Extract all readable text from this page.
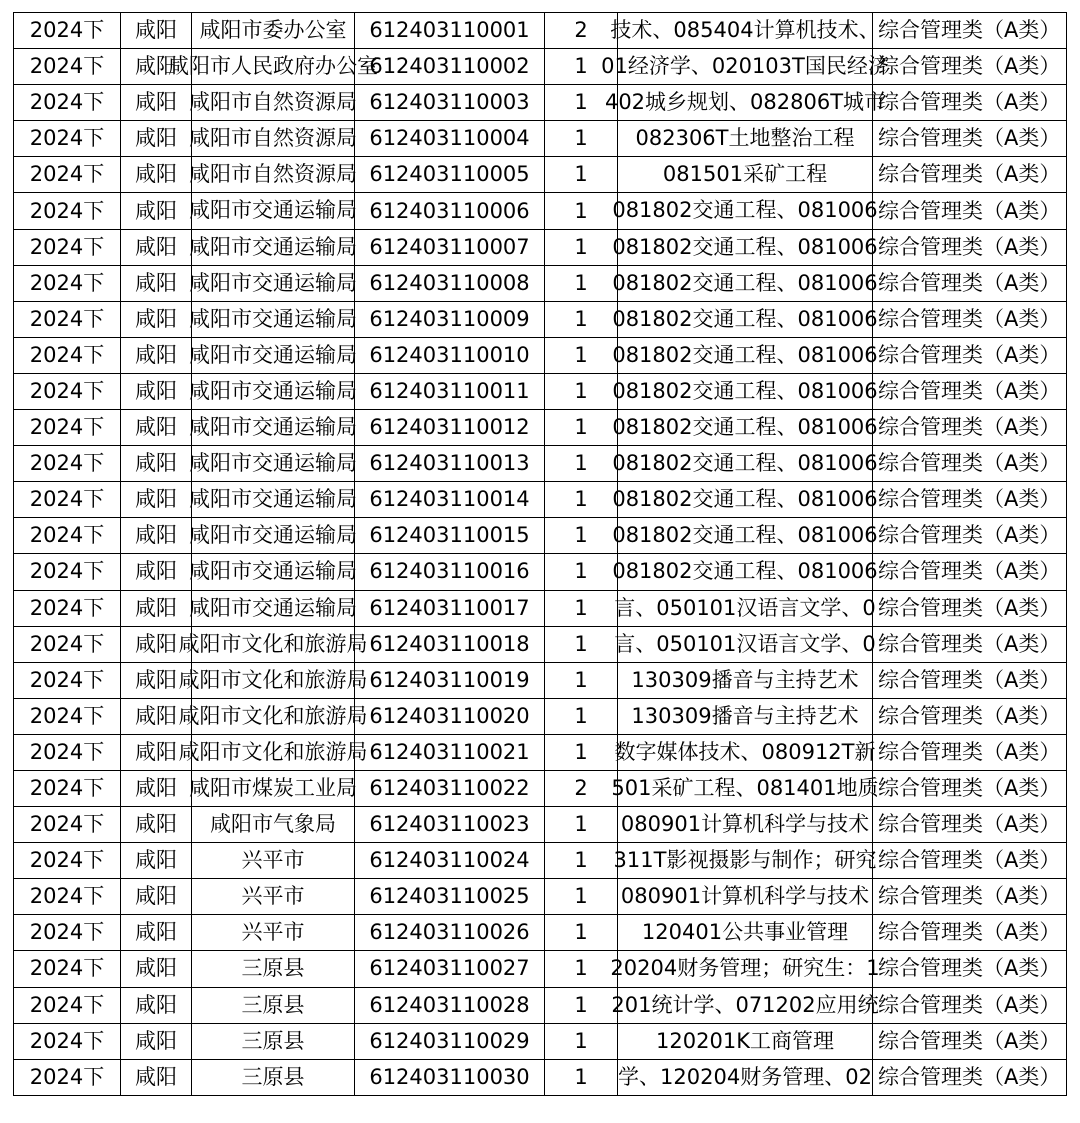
2024下	咸阳	咸阳市委办公室	612403110001	2	技术、085404计算机技术、	综合管理类（A类）

2024下	咸阳	咸阳市人民政府办公室	612403110002	1	01经济学、020103T国民经济	综合管理类（A类）

2024下	咸阳	咸阳市自然资源局	612403110003	1	402城乡规划、082806T城市	综合管理类（A类）

2024下	咸阳	咸阳市自然资源局	612403110004	1	082306T土地整治工程	综合管理类（A类）

2024下	咸阳	咸阳市自然资源局	612403110005	1	081501采矿工程	综合管理类（A类）

2024下	咸阳	咸阳市交通运输局	612403110006	1	081802交通工程、081006	综合管理类（A类）

2024下	咸阳	咸阳市交通运输局	612403110007	1	081802交通工程、081006	综合管理类（A类）

2024下	咸阳	咸阳市交通运输局	612403110008	1	081802交通工程、081006	综合管理类（A类）

2024下	咸阳	咸阳市交通运输局	612403110009	1	081802交通工程、081006	综合管理类（A类）

2024下	咸阳	咸阳市交通运输局	612403110010	1	081802交通工程、081006	综合管理类（A类）

2024下	咸阳	咸阳市交通运输局	612403110011	1	081802交通工程、081006	综合管理类（A类）

2024下	咸阳	咸阳市交通运输局	612403110012	1	081802交通工程、081006	综合管理类（A类）

2024下	咸阳	咸阳市交通运输局	612403110013	1	081802交通工程、081006	综合管理类（A类）

2024下	咸阳	咸阳市交通运输局	612403110014	1	081802交通工程、081006	综合管理类（A类）

2024下	咸阳	咸阳市交通运输局	612403110015	1	081802交通工程、081006	综合管理类（A类）

2024下	咸阳	咸阳市交通运输局	612403110016	1	081802交通工程、081006	综合管理类（A类）

2024下	咸阳	咸阳市交通运输局	612403110017	1	言、050101汉语言文学、0	综合管理类（A类）

2024下	咸阳	咸阳市文化和旅游局	612403110018	1	言、050101汉语言文学、0	综合管理类（A类）

2024下	咸阳	咸阳市文化和旅游局	612403110019	1	130309播音与主持艺术	综合管理类（A类）

2024下	咸阳	咸阳市文化和旅游局	612403110020	1	130309播音与主持艺术	综合管理类（A类）

2024下	咸阳	咸阳市文化和旅游局	612403110021	1	数字媒体技术、080912T新	综合管理类（A类）

2024下	咸阳	咸阳市煤炭工业局	612403110022	2	501采矿工程、081401地质	综合管理类（A类）

2024下	咸阳	咸阳市气象局	612403110023	1	080901计算机科学与技术	综合管理类（A类）

2024下	咸阳	兴平市	612403110024	1	311T影视摄影与制作；研究	综合管理类（A类）

2024下	咸阳	兴平市	612403110025	1	080901计算机科学与技术	综合管理类（A类）

2024下	咸阳	兴平市	612403110026	1	120401公共事业管理	综合管理类（A类）

2024下	咸阳	三原县	612403110027	1	20204财务管理；研究生：1	综合管理类（A类）

2024下	咸阳	三原县	612403110028	1	201统计学、071202应用统	综合管理类（A类）

2024下	咸阳	三原县	612403110029	1	120201K工商管理	综合管理类（A类）

2024下	咸阳	三原县	612403110030	1	学、120204财务管理、02	综合管理类（A类）
